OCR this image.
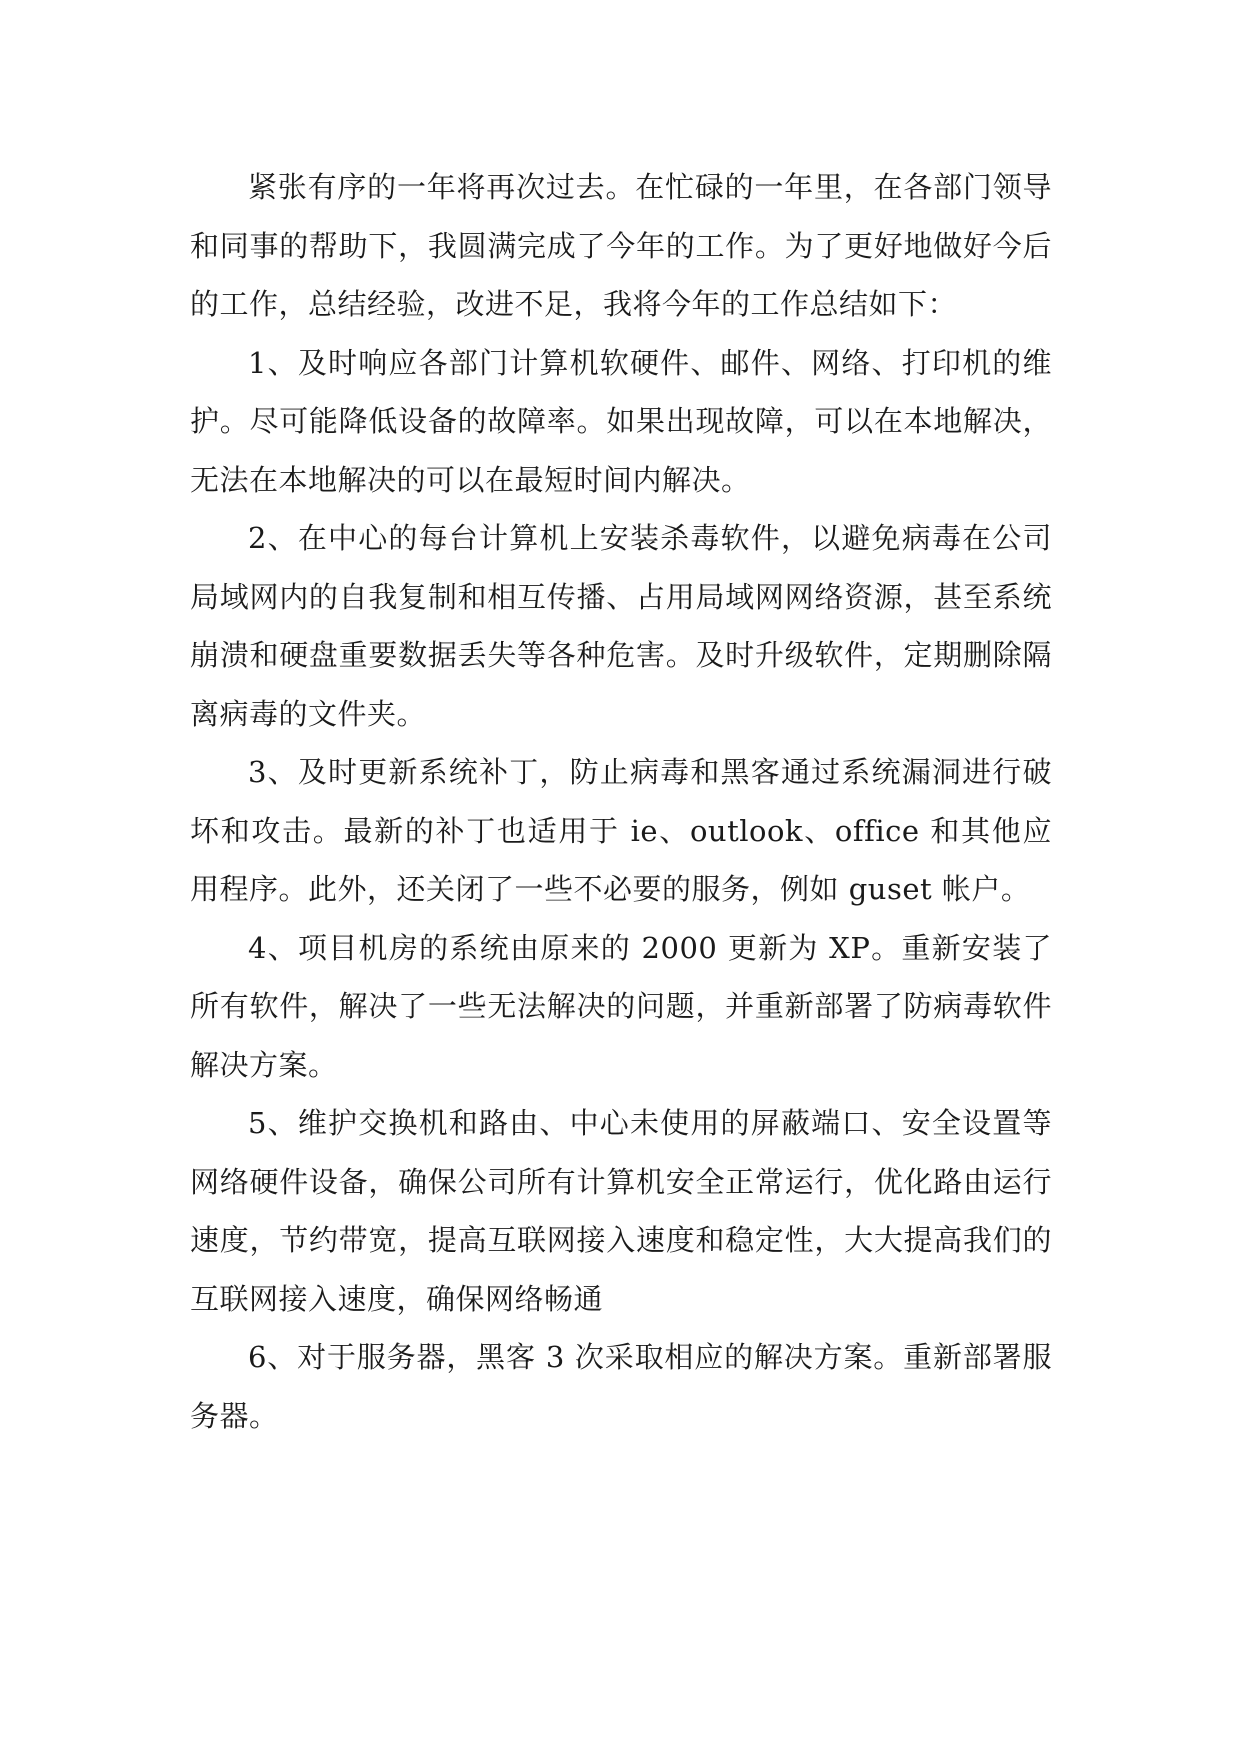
紧张有序的一年将再次过去。在忙碌的一年里，在各部门领导和同事的帮助下，我圆满完成了今年的工作。为了更好地做好今后的工作，总结经验，改进不足，我将今年的工作总结如下：

1、及时响应各部门计算机软硬件、邮件、网络、打印机的维护。尽可能降低设备的故障率。如果出现故障，可以在本地解决，无法在本地解决的可以在最短时间内解决。

2、在中心的每台计算机上安装杀毒软件，以避免病毒在公司局域网内的自我复制和相互传播、占用局域网网络资源，甚至系统崩溃和硬盘重要数据丢失等各种危害。及时升级软件，定期删除隔离病毒的文件夹。

3、及时更新系统补丁，防止病毒和黑客通过系统漏洞进行破坏和攻击。最新的补丁也适用于 ie、outlook、office 和其他应用程序。此外，还关闭了一些不必要的服务，例如 guset 帐户。

4、项目机房的系统由原来的 2000 更新为 XP。重新安装了所有软件，解决了一些无法解决的问题，并重新部署了防病毒软件解决方案。

5、维护交换机和路由、中心未使用的屏蔽端口、安全设置等网络硬件设备，确保公司所有计算机安全正常运行，优化路由运行速度，节约带宽，提高互联网接入速度和稳定性，大大提高我们的互联网接入速度，确保网络畅通

6、对于服务器，黑客 3 次采取相应的解决方案。重新部署服务器。
